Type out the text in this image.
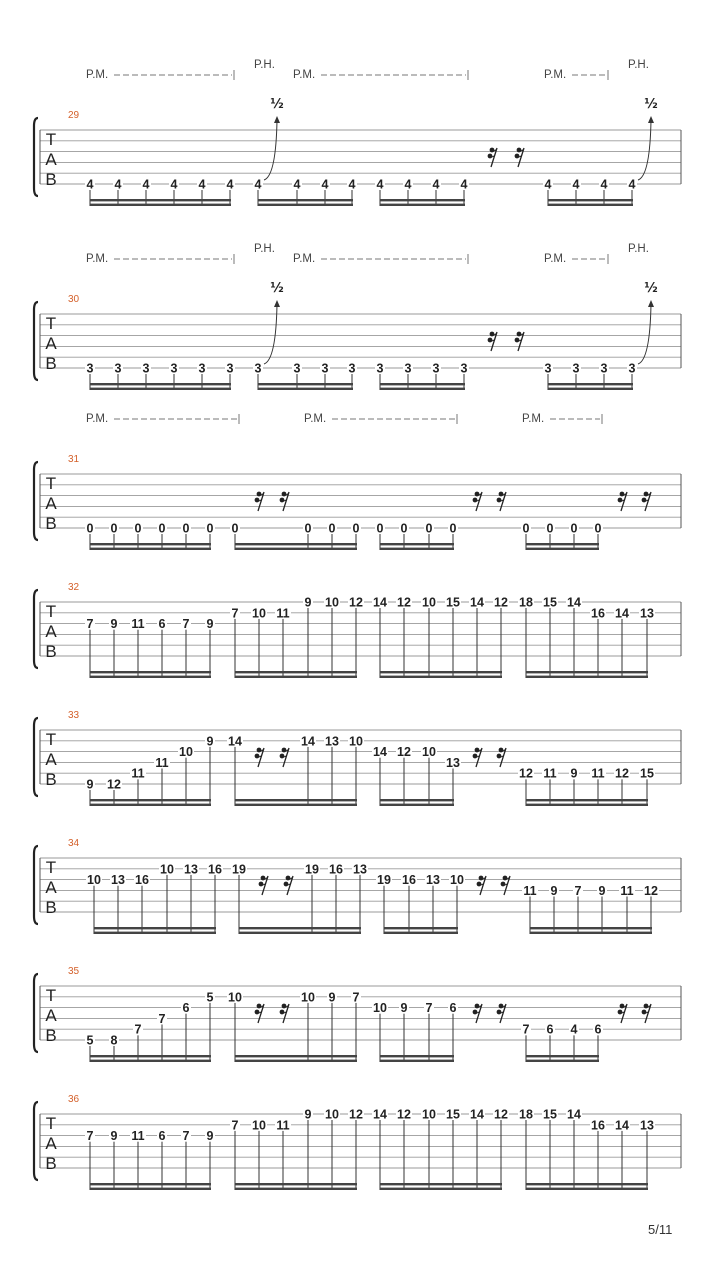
T
A
B
29
P.M.	P.M.	P.M.
P.H.	P.H.
½	½
4 4 4 4 4 4 4	4 4 4 4 4 4 4	4 4 4 4
T
A
B
30
P.M.	P.M.	P.M.
P.H.	P.H.
½	½
3 3 3 3 3 3 3	3 3 3 3 3 3 3	3 3 3 3
T
A
B
31
P.M.	P.M.	P.M.
0 0 0 0 0 0 0	0 0 0 0 0 0 0	0 0 0 0
T
A
B
32
7 9 11 6 7 9
7 10 11
9 10 12 14 12 10 15 14 12 18 15 14
16 14 13
T
A
B
33
9 12
11
11
10
9 14	14 13 10
14 12 10
13
12 11 9 11 12 15
T
A
B
34
10 13 16
10 13 16 19	19 16 13
19 16 13 10
11 9 7 9 11 12
T
A
B
35
5 8
7
7
6
5 10	10 9 7
10 9 7 6
7 6 4 6
T
A
B
36
7 9 11 6 7 9
7 10 11
9 10 12 14 12 10 15 14 12 18 15 14
16 14 13
5/11
